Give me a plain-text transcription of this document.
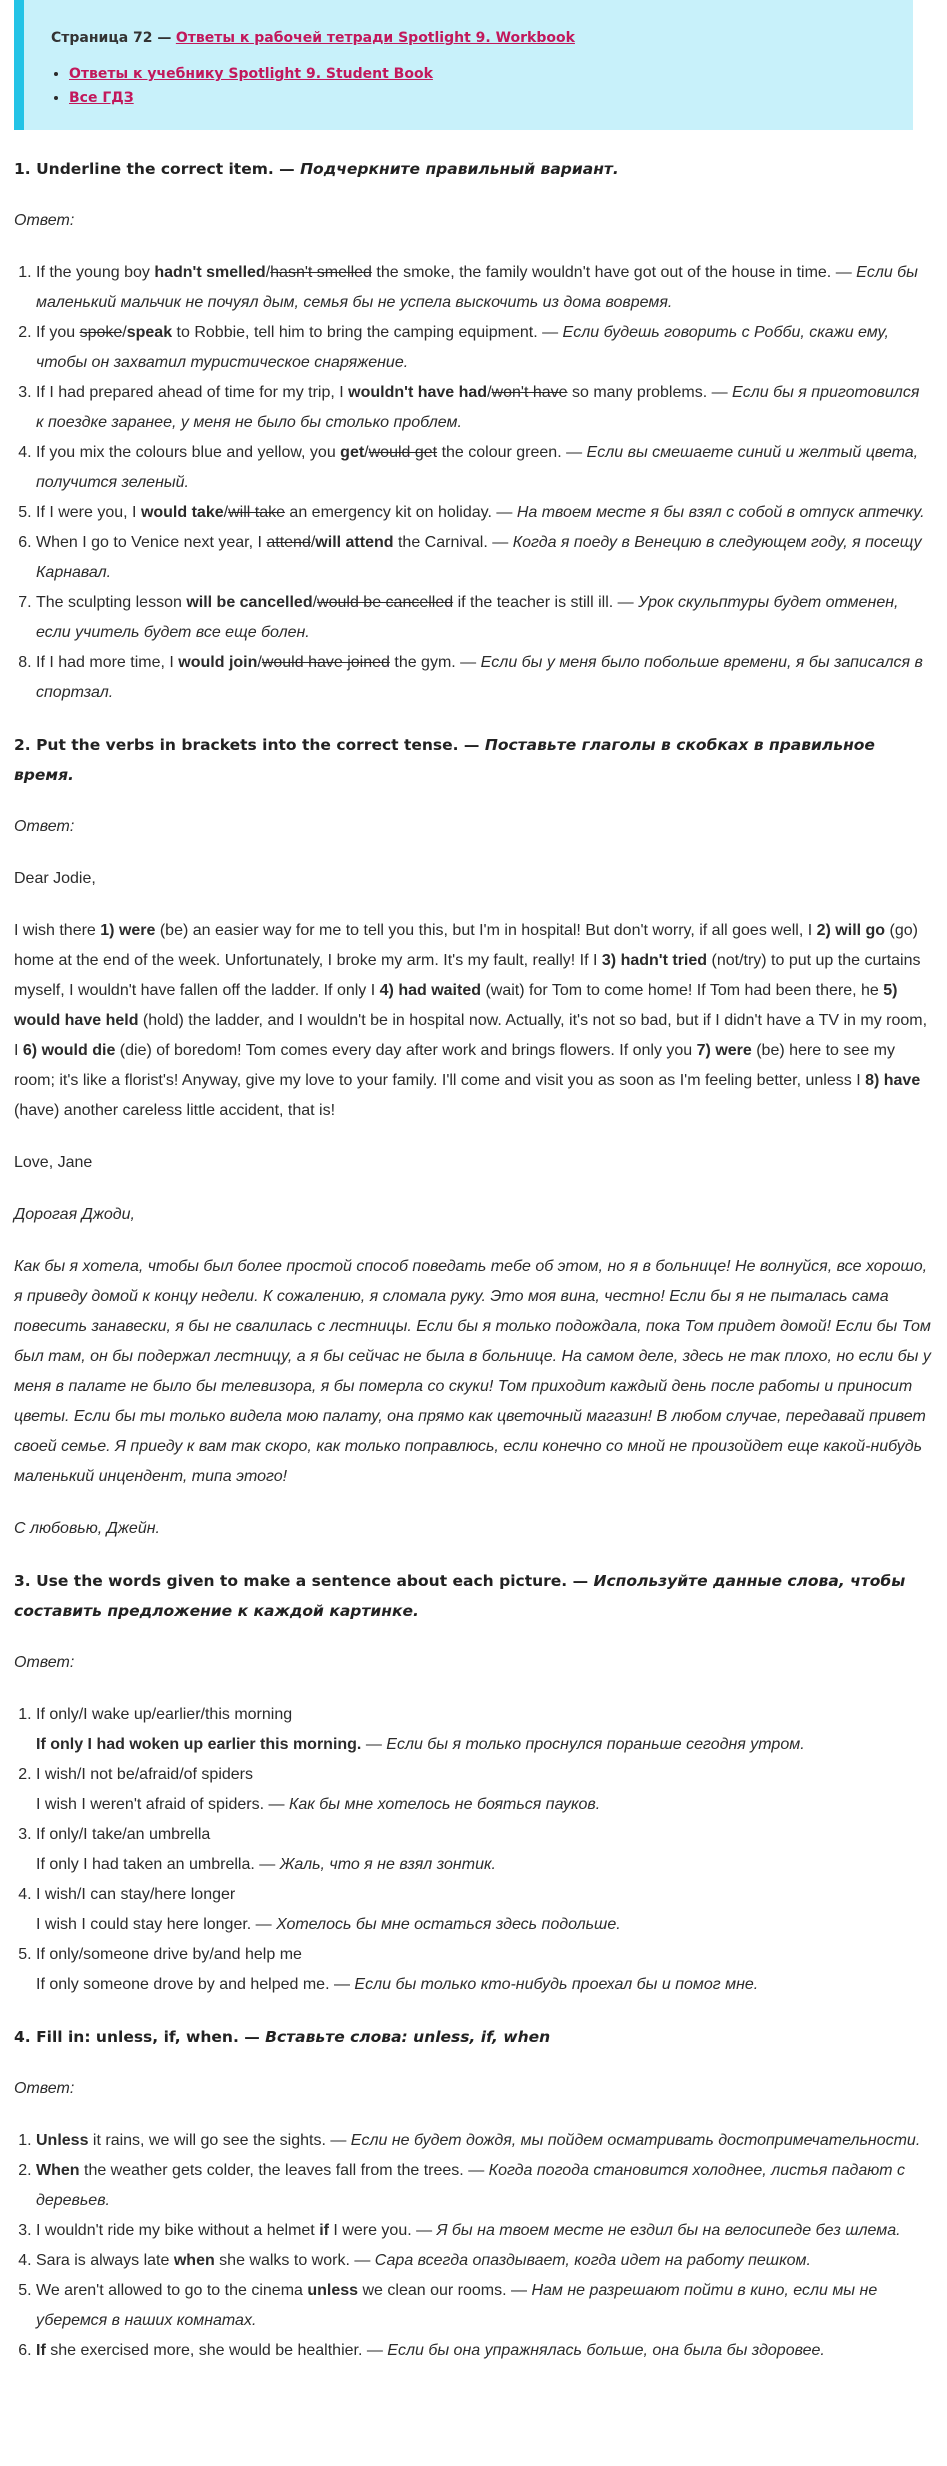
Страница 72 — Ответы к рабочей тетради Spotlight 9. Workbook
• Ответы к учебнику Spotlight 9. Student Book
• Все ГДЗ
1. Underline the correct item. — Подчеркните правильный вариант.

Ответ:

1. If the young boy hadn't smelled/hasn't smelled the smoke, the family wouldn't have got out of the house in time. — Если бы маленький мальчик не почуял дым, семья бы не успела выскочить из дома вовремя.
2. If you spoke/speak to Robbie, tell him to bring the camping equipment. — Если будешь говорить с Робби, скажи ему, чтобы он захватил туристическое снаряжение.
3. If I had prepared ahead of time for my trip, I wouldn't have had/won't have so many problems. — Если бы я приготовился к поездке заранее, у меня не было бы столько проблем.
4. If you mix the colours blue and yellow, you get/would get the colour green. — Если вы смешаете синий и желтый цвета, получится зеленый.
5. If I were you, I would take/will take an emergency kit on holiday. — На твоем месте я бы взял с собой в отпуск аптечку.
6. When I go to Venice next year, I attend/will attend the Carnival. — Когда я поеду в Венецию в следующем году, я посещу Карнавал.
7. The sculpting lesson will be cancelled/would be cancelled if the teacher is still ill. — Урок скульптуры будет отменен, если учитель будет все еще болен.
8. If I had more time, I would join/would have joined the gym. — Если бы у меня было побольше времени, я бы записался в спортзал.
2. Put the verbs in brackets into the correct tense. — Поставьте глаголы в скобках в правильное время.

Ответ:

Dear Jodie,

I wish there 1) were (be) an easier way for me to tell you this, but I'm in hospital! But don't worry, if all goes well, I 2) will go (go) home at the end of the week. Unfortunately, I broke my arm. It's my fault, really! If I 3) hadn't tried (not/try) to put up the curtains myself, I wouldn't have fallen off the ladder. If only I 4) had waited (wait) for Tom to come home! If Tom had been there, he 5) would have held (hold) the ladder, and I wouldn't be in hospital now. Actually, it's not so bad, but if I didn't have a TV in my room, I 6) would die (die) of boredom! Tom comes every day after work and brings flowers. If only you 7) were (be) here to see my room; it's like a florist's! Anyway, give my love to your family. I'll come and visit you as soon as I'm feeling better, unless I 8) have (have) another careless little accident, that is!

Love, Jane

Дорогая Джоди,

Как бы я хотела, чтобы был более простой способ поведать тебе об этом, но я в больнице! Не волнуйся, все хорошо, я приведу домой к концу недели. К сожалению, я сломала руку. Это моя вина, честно! Если бы я не пыталась сама повесить занавески, я бы не свалилась с лестницы. Если бы я только подождала, пока Том придет домой! Если бы Том был там, он бы подержал лестницу, а я бы сейчас не была в больнице. На самом деле, здесь не так плохо, но если бы у меня в палате не было бы телевизора, я бы померла со скуки! Том приходит каждый день после работы и приносит цветы. Если бы ты только видела мою палату, она прямо как цветочный магазин! В любом случае, передавай привет своей семье. Я приеду к вам так скоро, как только поправлюсь, если конечно со мной не произойдет еще какой-нибудь маленький инцендент, типа этого!

С любовью, Джейн.

3. Use the words given to make a sentence about each picture. — Используйте данные слова, чтобы составить предложение к каждой картинке.

Ответ:

1. If only/I wake up/earlier/this morning
If only I had woken up earlier this morning. — Если бы я только проснулся пораньше сегодня утром.
2. I wish/I not be/afraid/of spiders
I wish I weren't afraid of spiders. — Как бы мне хотелось не бояться пауков.
3. If only/I take/an umbrella
If only I had taken an umbrella. — Жаль, что я не взял зонтик.
4. I wish/I can stay/here longer
I wish I could stay here longer. — Хотелось бы мне остаться здесь подольше.
5. If only/someone drive by/and help me
If only someone drove by and helped me. — Если бы только кто-нибудь проехал бы и помог мне.
4. Fill in: unless, if, when. — Вставьте слова: unless, if, when

Ответ:

1. Unless it rains, we will go see the sights. — Если не будет дождя, мы пойдем осматривать достопримечательности.
2. When the weather gets colder, the leaves fall from the trees. — Когда погода становится холоднее, листья падают с деревьев.
3. I wouldn't ride my bike without a helmet if I were you. — Я бы на твоем месте не ездил бы на велосипеде без шлема.
4. Sara is always late when she walks to work. — Сара всегда опаздывает, когда идет на работу пешком.
5. We aren't allowed to go to the cinema unless we clean our rooms. — Нам не разрешают пойти в кино, если мы не уберемся в наших комнатах.
6. If she exercised more, she would be healthier. — Если бы она упражнялась больше, она была бы здоровее.
